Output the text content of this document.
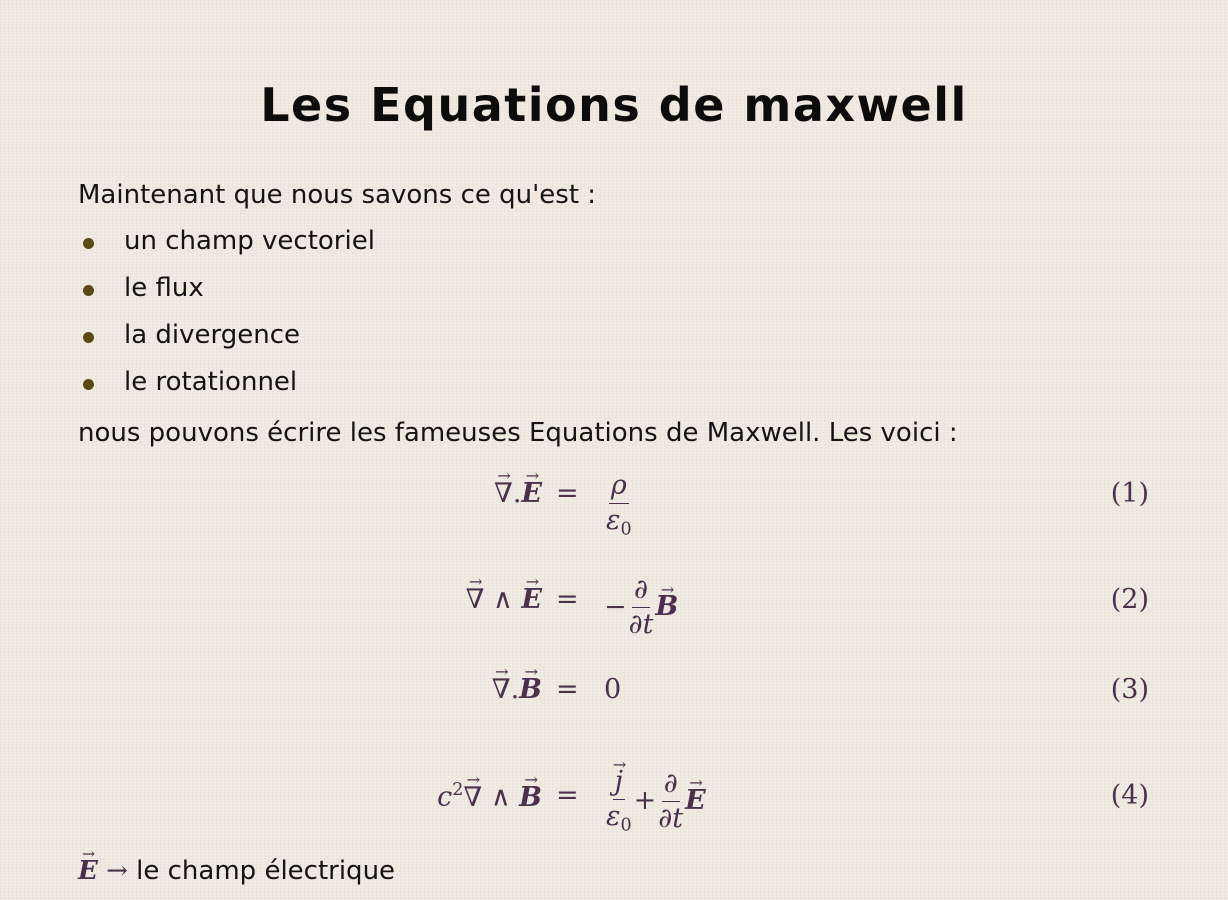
Les Equations de maxwell
Maintenant que nous savons ce qu'est :
un champ vectoriel
le flux
la divergence
le rotationnel
nous pouvons écrire les fameuses Equations de Maxwell. Les voici :
→ ∇.→ $E = \frac{\rho}{\varepsilon_0}$	(1)
→ ∇ ∧ → E = − $\frac{\partial}{\partial t}$
→ B	(2)
→ ∇.→ B = 0	(3)
$c^2\to$ ∇ ∧ → B =
→ $\frac{j}{\varepsilon_0} + \frac{\partial}{\partial t}$
→ E	(4)
→ E → le champ électrique
